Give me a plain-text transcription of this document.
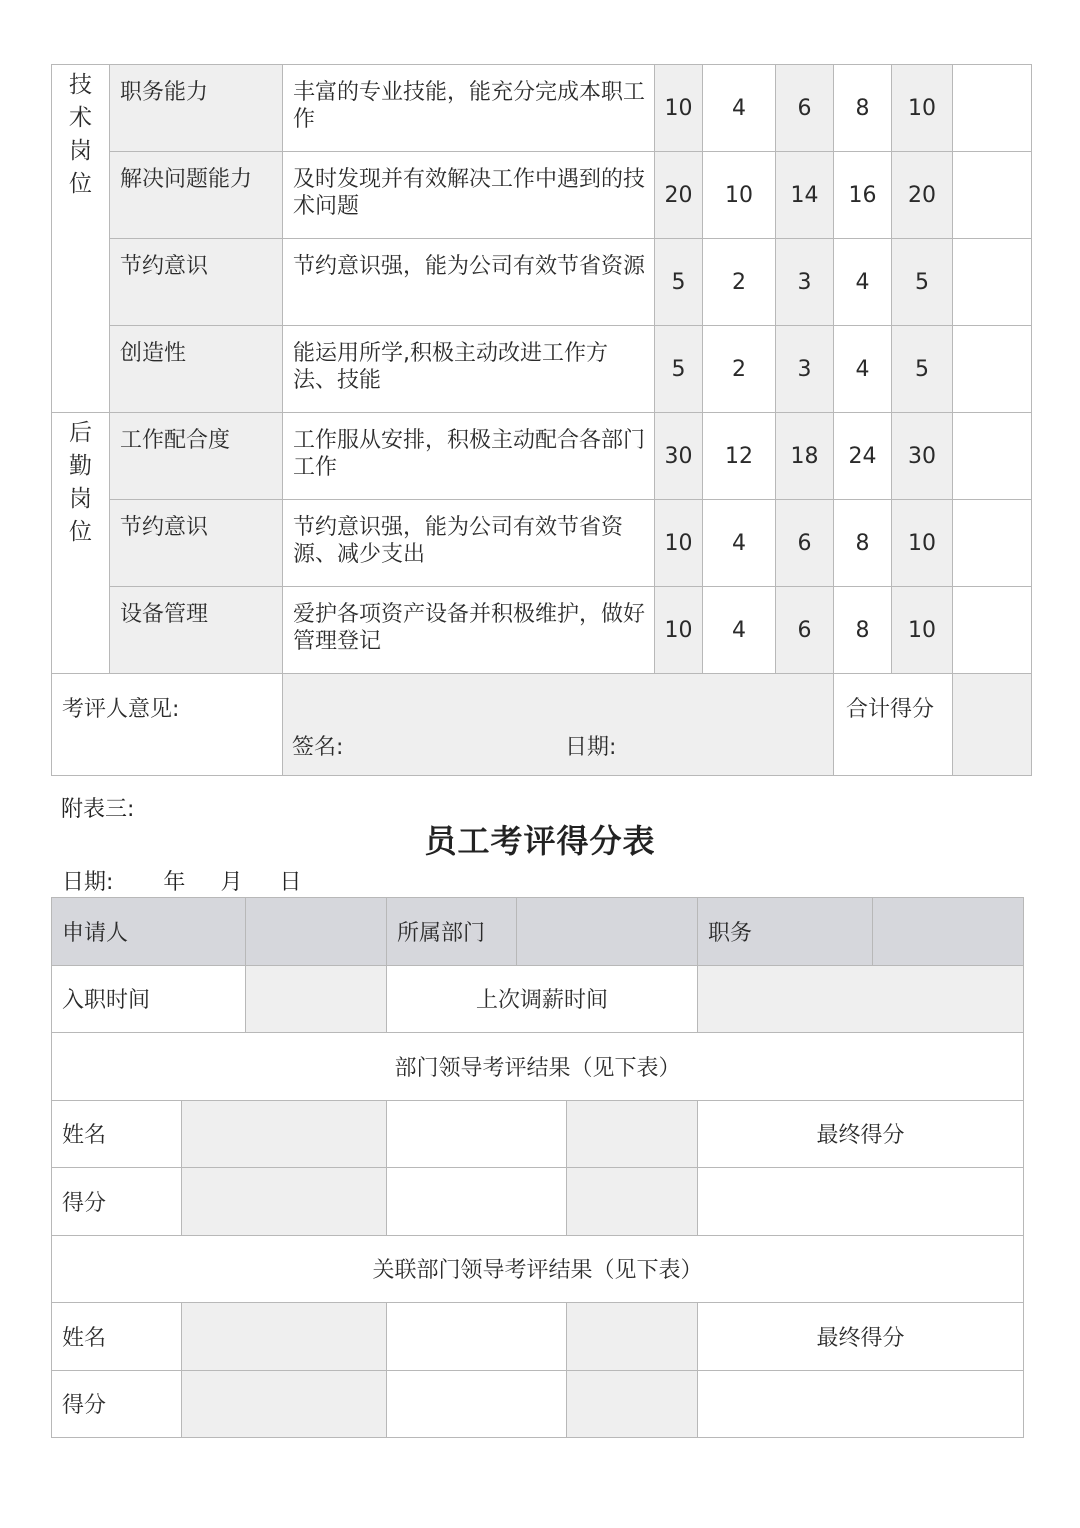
技术岗位	职务能力	丰富的专业技能，能充分完成本职工作	10	4	6	8	10	
	解决问题能力	及时发现并有效解决工作中遇到的技术问题	20	10	14	16	20	
	节约意识	节约意识强，能为公司有效节省资源	5	2	3	4	5	
	创造性	能运用所学,积极主动改进工作方法、技能	5	2	3	4	5	

后勤岗位	工作配合度	工作服从安排，积极主动配合各部门工作	30	12	18	24	30	
	节约意识	节约意识强，能为公司有效节省资源、减少支出	10	4	6	8	10	
	设备管理	爱护各项资产设备并积极维护，做好管理登记	10	4	6	8	10	
考评人意见:		签名: 日期:				合计得分		
附表三:
员工考评得分表
日期: 年 月 日
申请人			所属部门			职务	
入职时间			上次调薪时间				
部门领导考评结果（见下表）							
姓名						最终得分	
得分							
关联部门领导考评结果（见下表）							
姓名						最终得分	
得分							
